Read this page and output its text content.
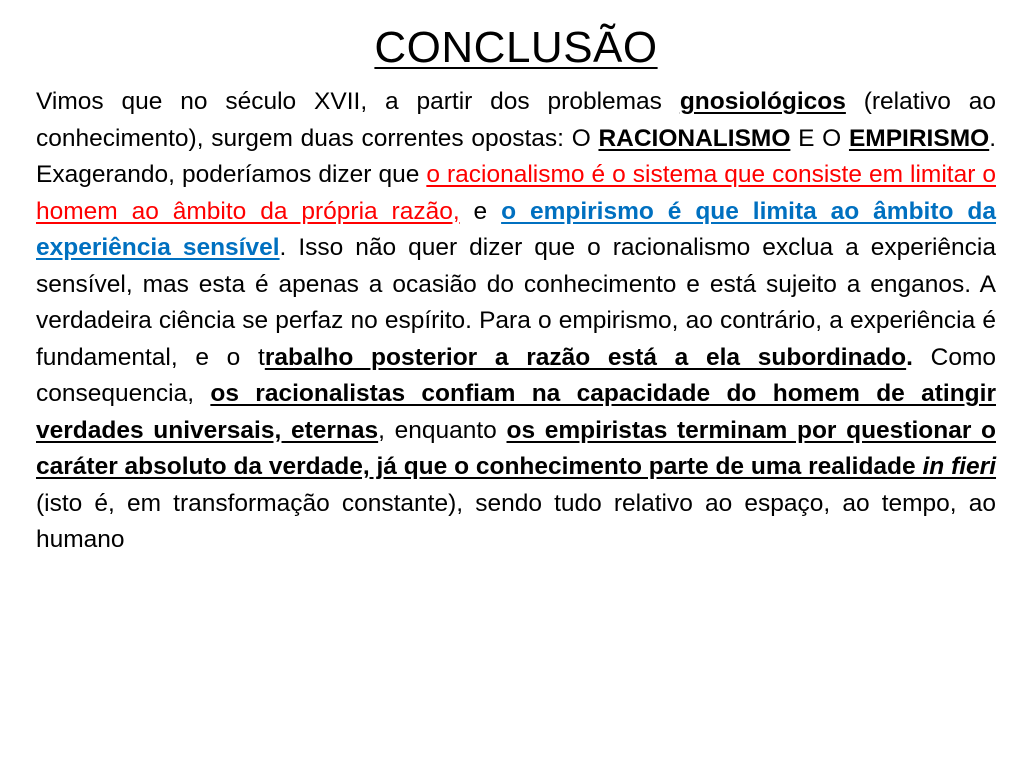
CONCLUSÃO

Vimos que no século XVII, a partir dos problemas gnosiológicos (relativo ao conhecimento), surgem duas correntes opostas: O RACIONALISMO E O EMPIRISMO. Exagerando, poderíamos dizer que o racionalismo é o sistema que consiste em limitar o homem ao âmbito da própria razão, e o empirismo é que limita ao âmbito da experiência sensível. Isso não quer dizer que o racionalismo exclua a experiência sensível, mas esta é apenas a ocasião do conhecimento e está sujeito a enganos. A verdadeira ciência se perfaz no espírito. Para o empirismo, ao contrário, a experiência é fundamental, e o trabalho posterior a razão está a ela subordinado. Como consequencia, os racionalistas confiam na capacidade do homem de atingir verdades universais, eternas, enquanto os empiristas terminam por questionar o caráter absoluto da verdade, já que o conhecimento parte de uma realidade in fieri (isto é, em transformação constante), sendo tudo relativo ao espaço, ao tempo, ao humano
